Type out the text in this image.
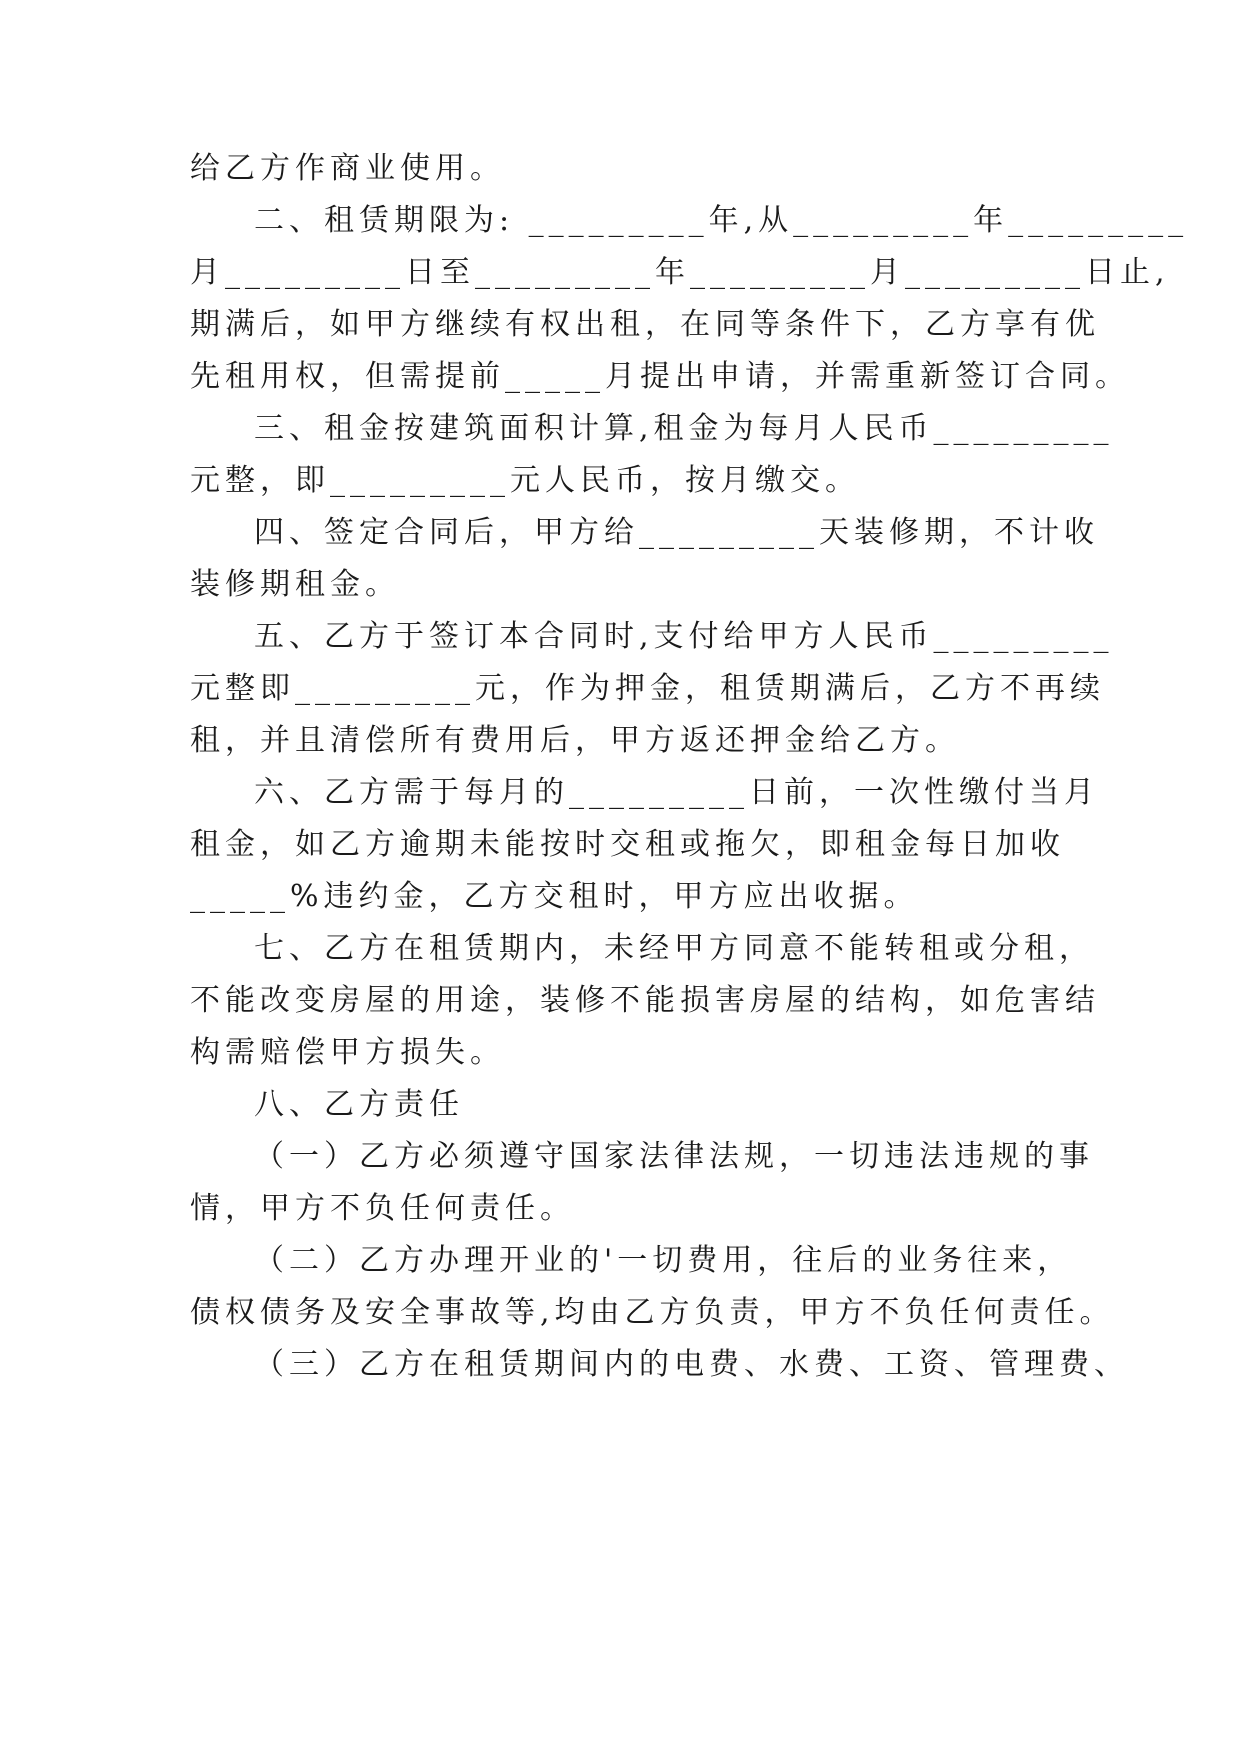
给乙方作商业使用。
二、租赁期限为: _________年,从_________年_________
月_________日至_________年_________月_________日止,
期满后，如甲方继续有权出租，在同等条件下，乙方享有优
先租用权，但需提前_____月提出申请，并需重新签订合同。
三、租金按建筑面积计算,租金为每月人民币_________
元整，即_________元人民币，按月缴交。
四、签定合同后，甲方给_________天装修期，不计收
装修期租金。
五、乙方于签订本合同时,支付给甲方人民币_________
元整即_________元，作为押金，租赁期满后，乙方不再续
租，并且清偿所有费用后，甲方返还押金给乙方。
六、乙方需于每月的_________日前，一次性缴付当月
租金，如乙方逾期未能按时交租或拖欠，即租金每日加收
_____%违约金，乙方交租时，甲方应出收据。
七、乙方在租赁期内，未经甲方同意不能转租或分租，
不能改变房屋的用途，装修不能损害房屋的结构，如危害结
构需赔偿甲方损失。
八、乙方责任
（一）乙方必须遵守国家法律法规，一切违法违规的事
情，甲方不负任何责任。
（二）乙方办理开业的'一切费用，往后的业务往来，
债权债务及安全事故等,均由乙方负责，甲方不负任何责任。
（三）乙方在租赁期间内的电费、水费、工资、管理费、
